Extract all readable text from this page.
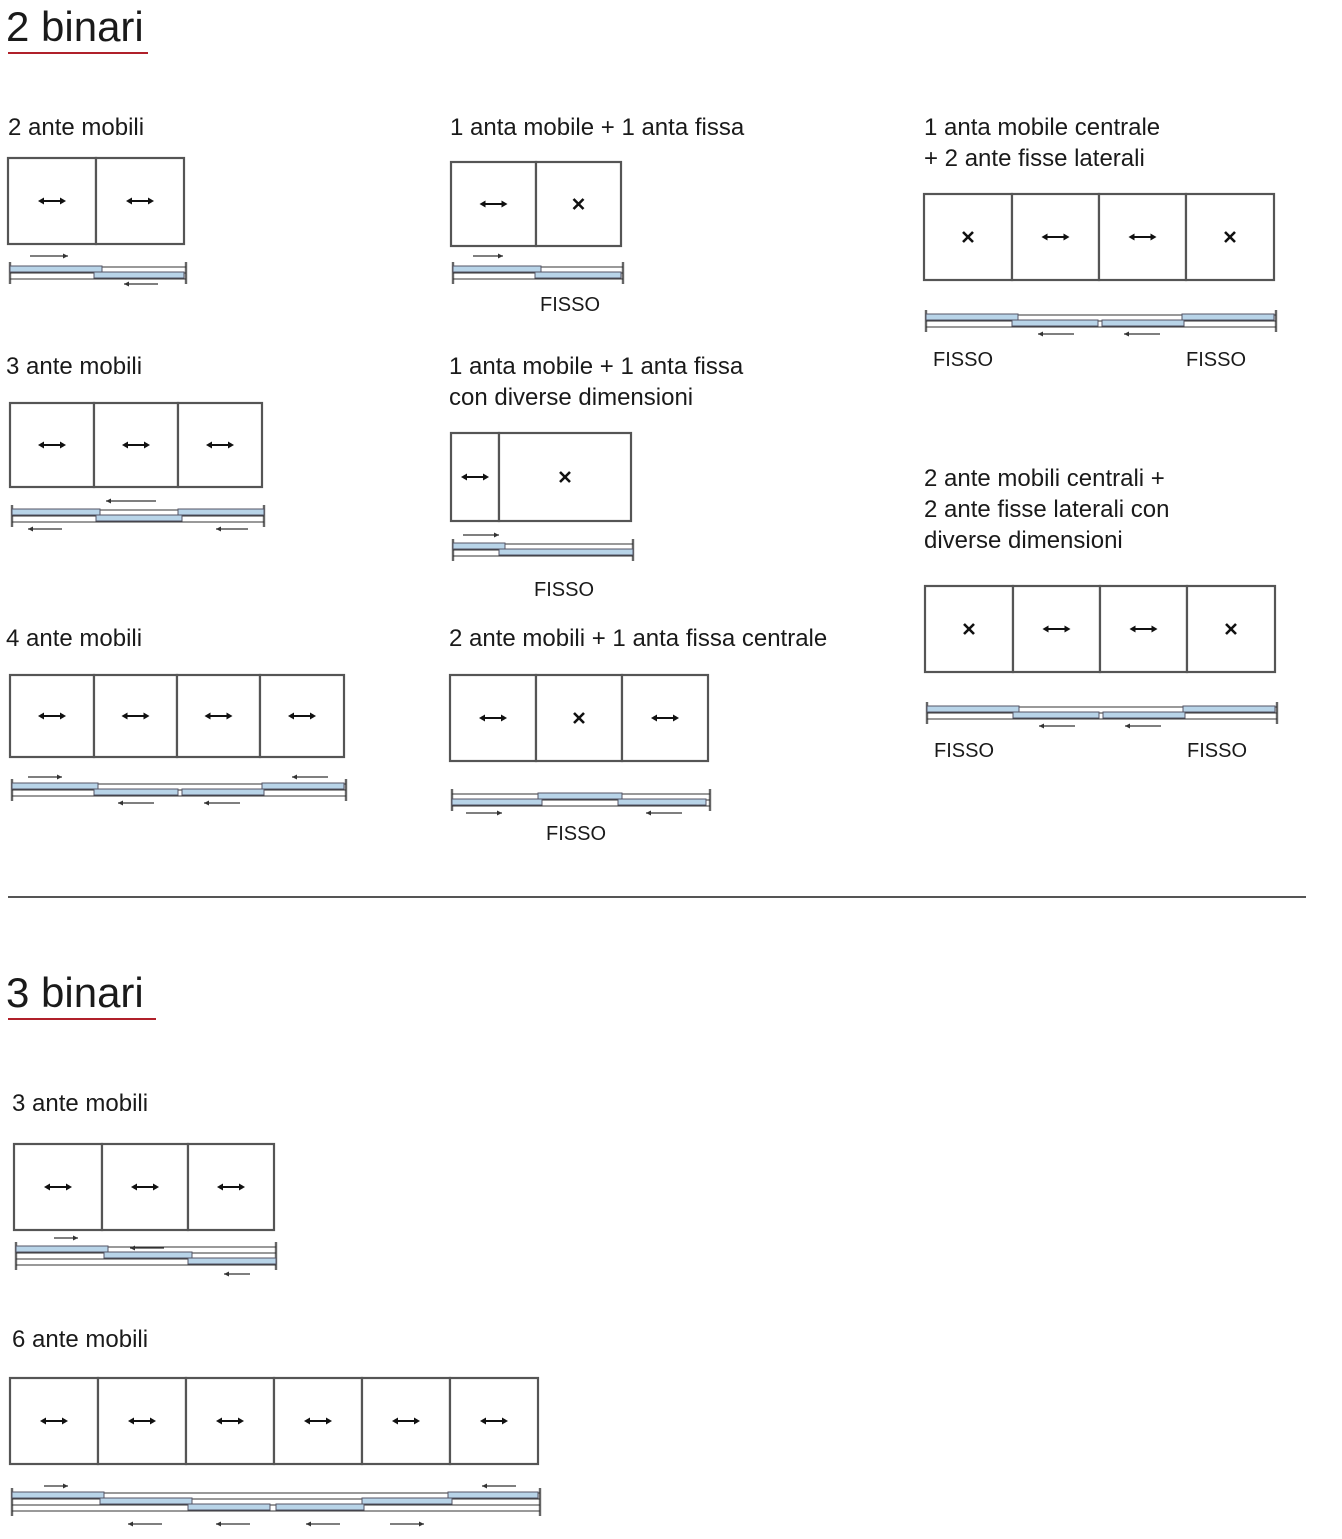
2 binari
2 ante mobili	1 anta mobile + 1 anta fissa
FISSO
1 anta mobile centrale
+ 2 ante fisse laterali
FISSO	FISSO
3 ante mobili	1 anta mobile + 1 anta fissa
con diverse dimensioni
FISSO
2 ante mobili centrali +
2 ante fisse laterali con
diverse dimensioni
FISSO	FISSO
4 ante mobili	2 ante mobili + 1 anta fissa centrale
FISSO
3 binari
3 ante mobili
6 ante mobili
